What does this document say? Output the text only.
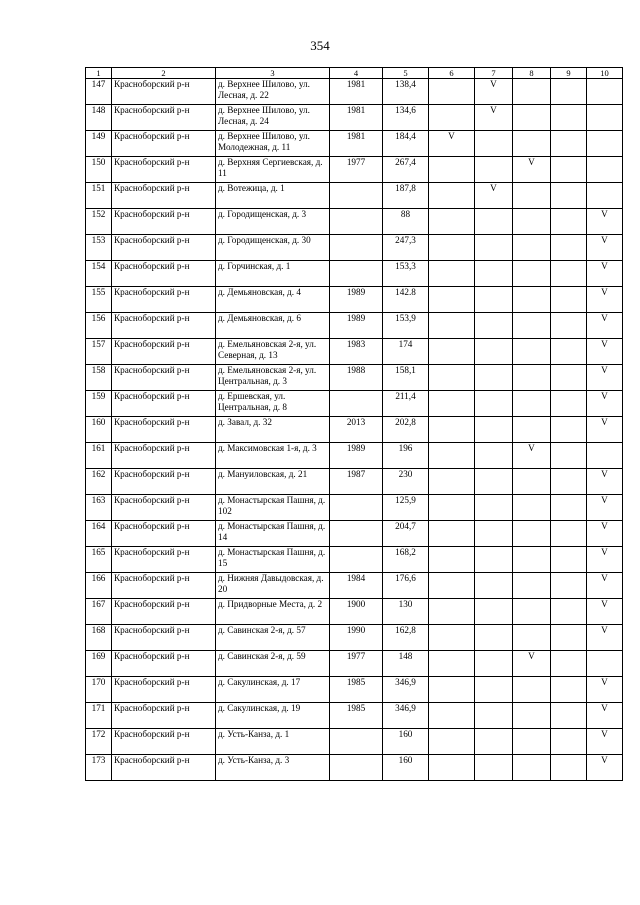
354
1	2	3	4	5	6	7	8	9	10
147	Красноборский р-н	д. Верхнее Шилово, ул. Лесная, д. 22	1981	138,4		V			
148	Красноборский р-н	д. Верхнее Шилово, ул. Лесная, д. 24	1981	134,6		V			
149	Красноборский р-н	д. Верхнее Шилово, ул. Молодежная, д. 11	1981	184,4	V				
150	Красноборский р-н	д. Верхняя Сергиевская, д. 11	1977	267,4			V		
151	Красноборский р-н	д. Вотежица, д. 1		187,8		V			
152	Красноборский р-н	д. Городищенская, д. 3		88					V
153	Красноборский р-н	д. Городищенская, д. 30		247,3					V
154	Красноборский р-н	д. Горчинская, д. 1		153,3					V
155	Красноборский р-н	д. Демьяновская, д. 4	1989	142.8					V
156	Красноборский р-н	д. Демьяновская, д. 6	1989	153,9					V
157	Красноборский р-н	д. Емельяновская 2-я, ул. Северная, д. 13	1983	174					V
158	Красноборский р-н	д. Емельяновская 2-я, ул. Центральная, д. 3	1988	158,1					V
159	Красноборский р-н	д. Ершевская, ул. Центральная, д. 8		211,4					V
160	Красноборский р-н	д. Завал, д. 32	2013	202,8					V
161	Красноборский р-н	д. Максимовская 1-я, д. 3	1989	196			V		
162	Красноборский р-н	д. Мануиловская, д. 21	1987	230					V
163	Красноборский р-н	д. Монастырская Пашня, д. 102		125,9					V
164	Красноборский р-н	д. Монастырская Пашня, д. 14		204,7					V
165	Красноборский р-н	д. Монастырская Пашня, д. 15		168,2					V
166	Красноборский р-н	д. Нижняя Давыдовская, д. 20	1984	176,6					V
167	Красноборский р-н	д. Придворные Места, д. 2	1900	130					V
168	Красноборский р-н	д. Савинская 2-я, д. 57	1990	162,8					V
169	Красноборский р-н	д. Савинская 2-я, д. 59	1977	148			V		
170	Красноборский р-н	д. Сакулинская, д. 17	1985	346,9					V
171	Красноборский р-н	д. Сакулинская, д. 19	1985	346,9					V
172	Красноборский р-н	д. Усть-Канза, д. 1		160					V
173	Красноборский р-н	д. Усть-Канза, д. 3		160					V
